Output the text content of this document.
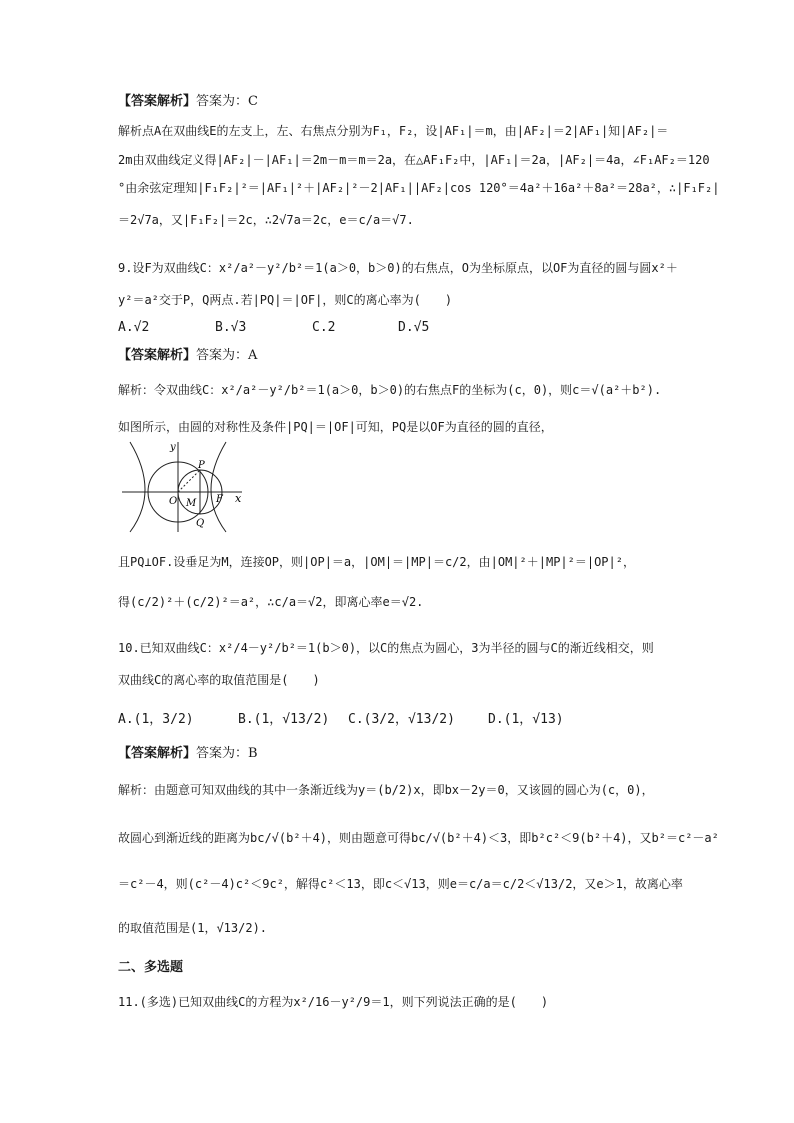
【答案解析】答案为：C
解析点A在双曲线E的左支上，左、右焦点分别为F₁，F₂，设|AF₁|＝m，由|AF₂|＝2|AF₁|知|AF₂|＝
2m由双曲线定义得|AF₂|－|AF₁|＝2m－m＝m＝2a，在△AF₁F₂中，|AF₁|＝2a，|AF₂|＝4a，∠F₁AF₂＝120
°由余弦定理知|F₁F₂|²＝|AF₁|²＋|AF₂|²－2|AF₁||AF₂|cos 120°＝4a²＋16a²＋8a²＝28a²，∴|F₁F₂|
＝2√7a，又|F₁F₂|＝2c，∴2√7a＝2c，e＝c/a＝√7.
9.设F为双曲线C：x²/a²－y²/b²＝1(a＞0，b＞0)的右焦点，O为坐标原点，以OF为直径的圆与圆x²＋
y²＝a²交于P，Q两点.若|PQ|＝|OF|，则C的离心率为(　　)
A.√2	B.√3	C.2	D.√5
【答案解析】答案为：A
解析：令双曲线C：x²/a²－y²/b²＝1(a＞0，b＞0)的右焦点F的坐标为(c，0)，则c＝√(a²＋b²).
如图所示，由圆的对称性及条件|PQ|＝|OF|可知，PQ是以OF为直径的圆的直径，
y
x
O M F
P
Q
且PQ⊥OF.设垂足为M，连接OP，则|OP|＝a，|OM|＝|MP|＝c/2，由|OM|²＋|MP|²＝|OP|²，
得(c/2)²＋(c/2)²＝a²，∴c/a＝√2，即离心率e＝√2.
10.已知双曲线C：x²/4－y²/b²＝1(b＞0)，以C的焦点为圆心，3为半径的圆与C的渐近线相交，则
双曲线C的离心率的取值范围是(　　)
A.(1，3/2)	B.(1，√13/2) C.(3/2，√13/2)	D.(1，√13)
【答案解析】答案为：B
解析：由题意可知双曲线的其中一条渐近线为y＝(b/2)x，即bx－2y＝0，又该圆的圆心为(c，0)，
故圆心到渐近线的距离为bc/√(b²＋4)，则由题意可得bc/√(b²＋4)＜3，即b²c²＜9(b²＋4)，又b²＝c²－a²
＝c²－4，则(c²－4)c²＜9c²，解得c²＜13，即c＜√13，则e＝c/a＝c/2＜√13/2，又e＞1，故离心率
的取值范围是(1，√13/2).
二、多选题
11.(多选)已知双曲线C的方程为x²/16－y²/9＝1，则下列说法正确的是(　　)
